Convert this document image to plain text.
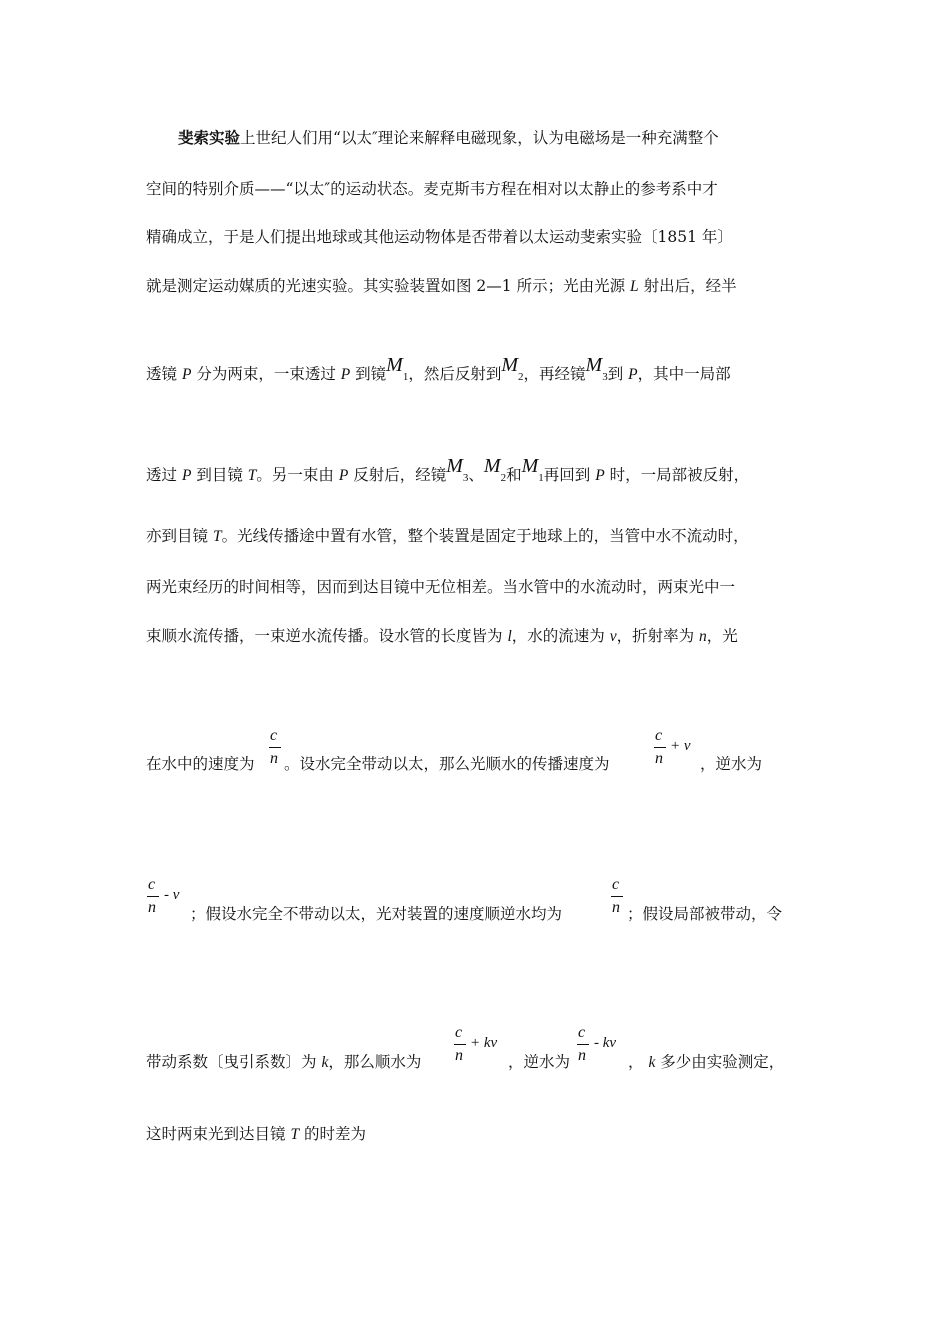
斐索实验上世纪人们用“以太″理论来解释电磁现象，认为电磁场是一种充满整个
空间的特别介质——“以太″的运动状态。麦克斯韦方程在相对以太静止的参考系中才
精确成立，于是人们提出地球或其他运动物体是否带着以太运动斐索实验〔1851 年〕
就是测定运动媒质的光速实验。其实验装置如图 2—1 所示；光由光源 L 射出后，经半
透镜 P 分为两束，一束透过 P 到镜M1，然后反射到M2，再经镜M3到 P，其中一局部
透过 P 到目镜 T。另一束由 P 反射后，经镜M3、M2和M1再回到 P 时，一局部被反射，
亦到目镜 T。光线传播途中置有水管，整个装置是固定于地球上的，当管中水不流动时，
两光束经历的时间相等，因而到达目镜中无位相差。当水管中的水流动时，两束光中一
束顺水流传播，一束逆水流传播。设水管的长度皆为 l，水的流速为 v，折射率为 n，光
在水中的速度为
c
n 。设水完全带动以太，那么光顺水的传播速度为
c
n
+ v
，逆水为
c
n
- v
；假设水完全不带动以太，光对装置的速度顺逆水均为
c
n ；假设局部被带动，令
带动系数〔曳引系数〕为 k，那么顺水为
c
n
+ kv
，逆水为
c
n
- kv
， k 多少由实验测定，
这时两束光到达目镜 T 的时差为
